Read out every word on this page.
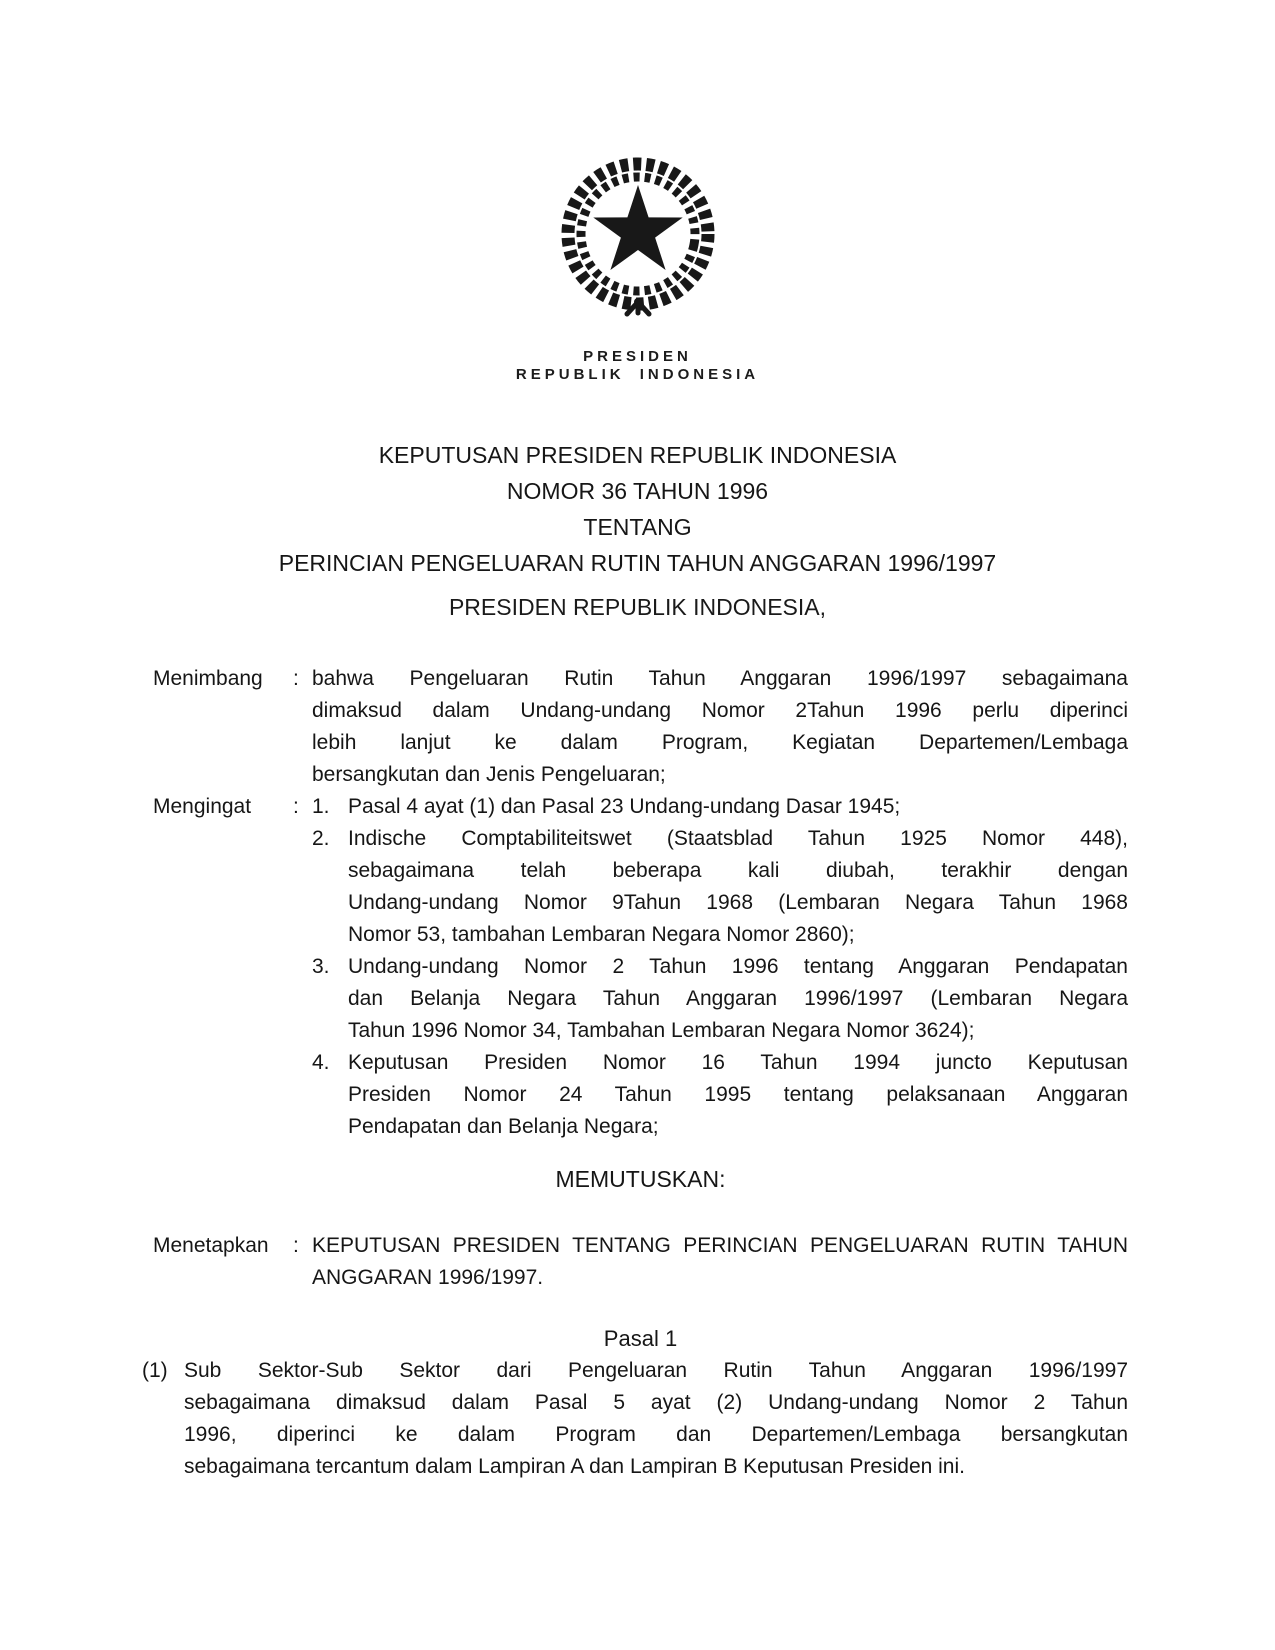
PRESIDEN
REPUBLIK INDONESIA
KEPUTUSAN PRESIDEN REPUBLIK INDONESIA
NOMOR 36 TAHUN 1996
TENTANG
PERINCIAN PENGELUARAN RUTIN TAHUN ANGGARAN 1996/1997
PRESIDEN REPUBLIK INDONESIA,
Menimbang	: bahwa Pengeluaran Rutin Tahun Anggaran 1996/1997 sebagaimana
dimaksud dalam Undang-undang Nomor 2Tahun 1996 perlu diperinci
lebih lanjut ke dalam Program, Kegiatan Departemen/Lembaga
bersangkutan dan Jenis Pengeluaran;
Mengingat	: 1. Pasal 4 ayat (1) dan Pasal 23 Undang-undang Dasar 1945;
2. Indische Comptabiliteitswet (Staatsblad Tahun 1925 Nomor 448),
sebagaimana telah beberapa kali diubah, terakhir dengan
Undang-undang Nomor 9Tahun 1968 (Lembaran Negara Tahun 1968
Nomor 53, tambahan Lembaran Negara Nomor 2860);
3. Undang-undang Nomor 2 Tahun 1996 tentang Anggaran Pendapatan
dan Belanja Negara Tahun Anggaran 1996/1997 (Lembaran Negara
Tahun 1996 Nomor 34, Tambahan Lembaran Negara Nomor 3624);
4. Keputusan Presiden Nomor 16 Tahun 1994 juncto Keputusan
Presiden Nomor 24 Tahun 1995 tentang pelaksanaan Anggaran
Pendapatan dan Belanja Negara;
MEMUTUSKAN:
Menetapkan	: KEPUTUSAN PRESIDEN TENTANG PERINCIAN PENGELUARAN RUTIN TAHUN
ANGGARAN 1996/1997.
Pasal 1
(1) Sub Sektor-Sub Sektor dari Pengeluaran Rutin Tahun Anggaran 1996/1997
sebagaimana dimaksud dalam Pasal 5 ayat (2) Undang-undang Nomor 2 Tahun
1996, diperinci ke dalam Program dan Departemen/Lembaga bersangkutan
sebagaimana tercantum dalam Lampiran A dan Lampiran B Keputusan Presiden ini.
